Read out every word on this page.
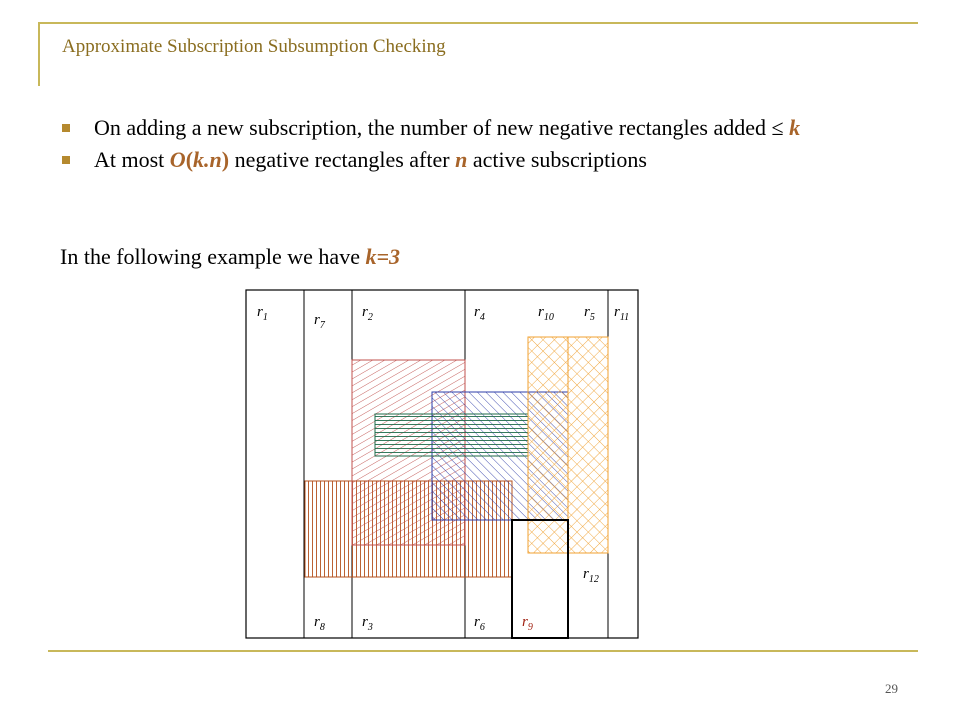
Approximate Subscription Subsumption Checking
On adding a new subscription, the number of new negative rectangles added ≤ k
At most O(k.n) negative rectangles after n active subscriptions
In the following example we have k=3
$r_1$	$r_7$
$r_2$	$r_4$	$r_{10}$ $r_5$ $r_{11}$
$r_{12}$
$r_8$ $r_3$	$r_6$ $r_9$
29
